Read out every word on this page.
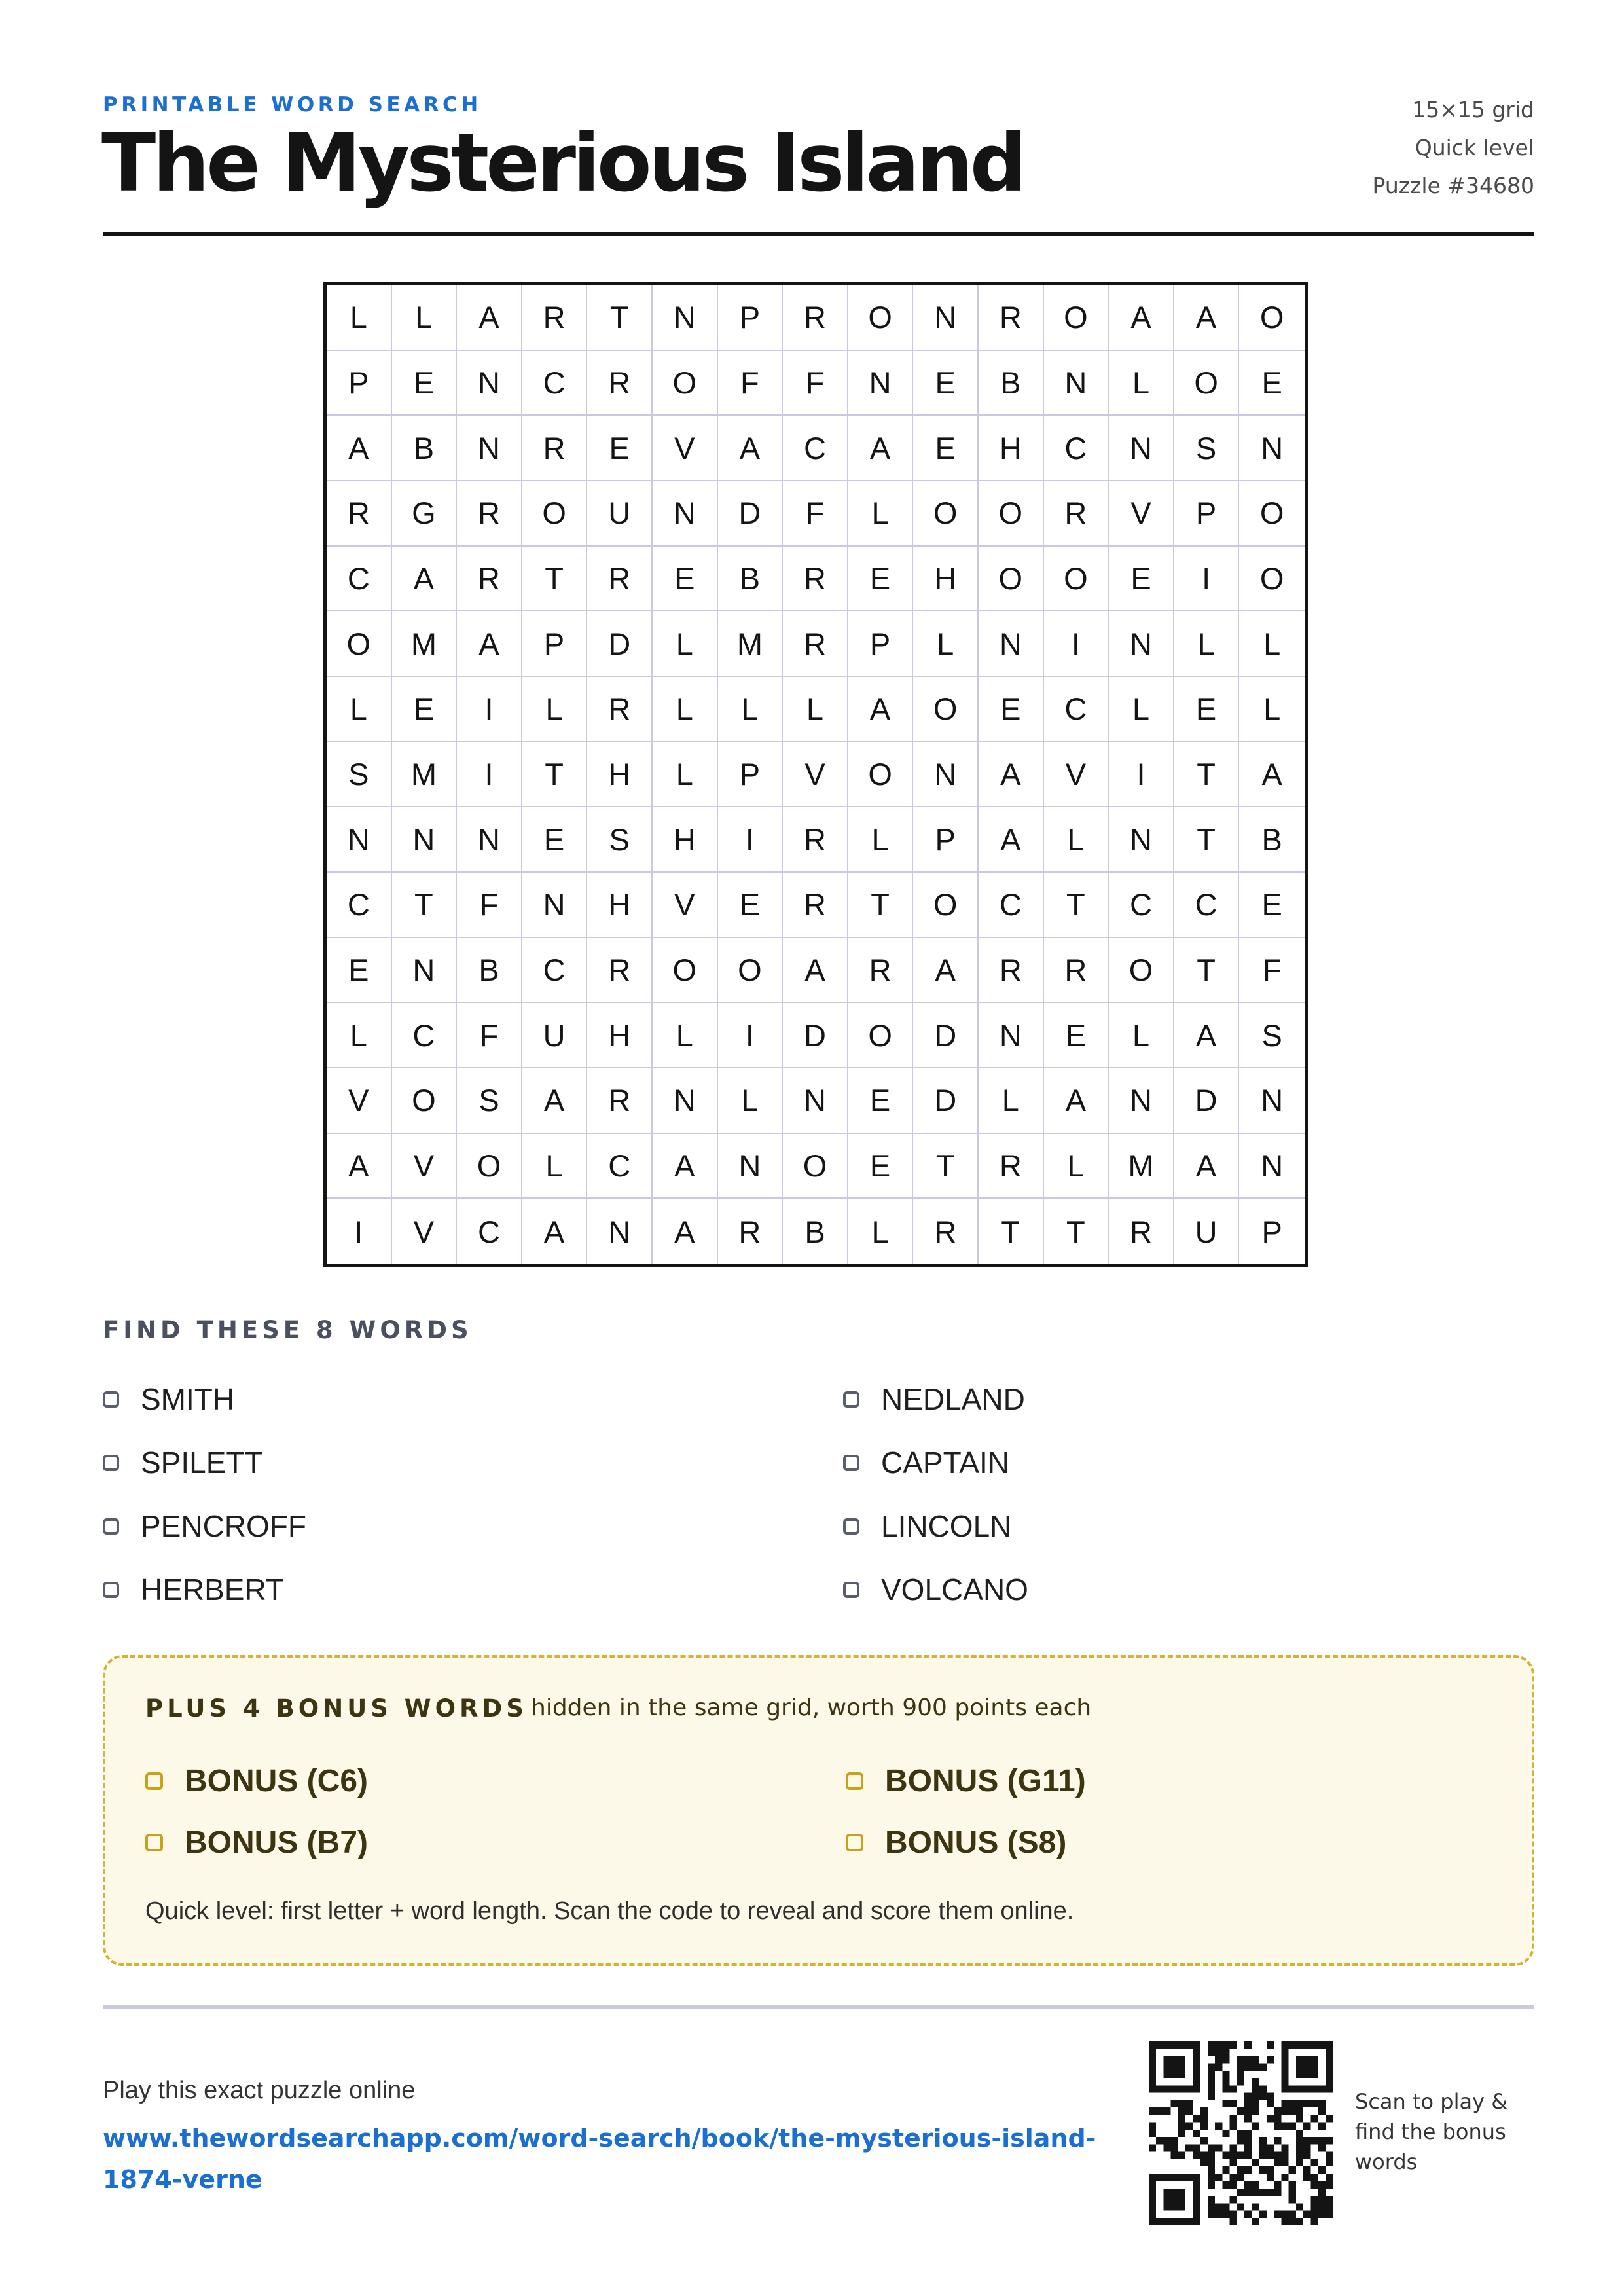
PRINTABLE WORD SEARCH
The Mysterious Island
15×15 grid
Quick level
Puzzle #34680
L	L	A	R	T	N	P	R	O	N	R	O	A	A	O
P	E	N	C	R	O	F	F	N	E	B	N	L	O	E
A	B	N	R	E	V	A	C	A	E	H	C	N	S	N
R	G	R	O	U	N	D	F	L	O	O	R	V	P	O
C	A	R	T	R	E	B	R	E	H	O	O	E	I	O
O	M	A	P	D	L	M	R	P	L	N	I	N	L	L
L	E	I	L	R	L	L	L	A	O	E	C	L	E	L
S	M	I	T	H	L	P	V	O	N	A	V	I	T	A
N	N	N	E	S	H	I	R	L	P	A	L	N	T	B
C	T	F	N	H	V	E	R	T	O	C	T	C	C	E
E	N	B	C	R	O	O	A	R	A	R	R	O	T	F
L	C	F	U	H	L	I	D	O	D	N	E	L	A	S
V	O	S	A	R	N	L	N	E	D	L	A	N	D	N
A	V	O	L	C	A	N	O	E	T	R	L	M	A	N
I	V	C	A	N	A	R	B	L	R	T	T	R	U	P
FIND THESE 8 WORDS
SMITH
SPILETT
PENCROFF
HERBERT
NEDLAND
CAPTAIN
LINCOLN
VOLCANO
PLUS 4 BONUS WORDS hidden in the same grid, worth 900 points each
BONUS (C6)
BONUS (B7)
BONUS (G11)
BONUS (S8)
Quick level: first letter + word length. Scan the code to reveal and score them online.
Play this exact puzzle online
www.thewordsearchapp.com/word-search/book/the-mysterious-island-1874-verne
Scan to play & find the bonus words
